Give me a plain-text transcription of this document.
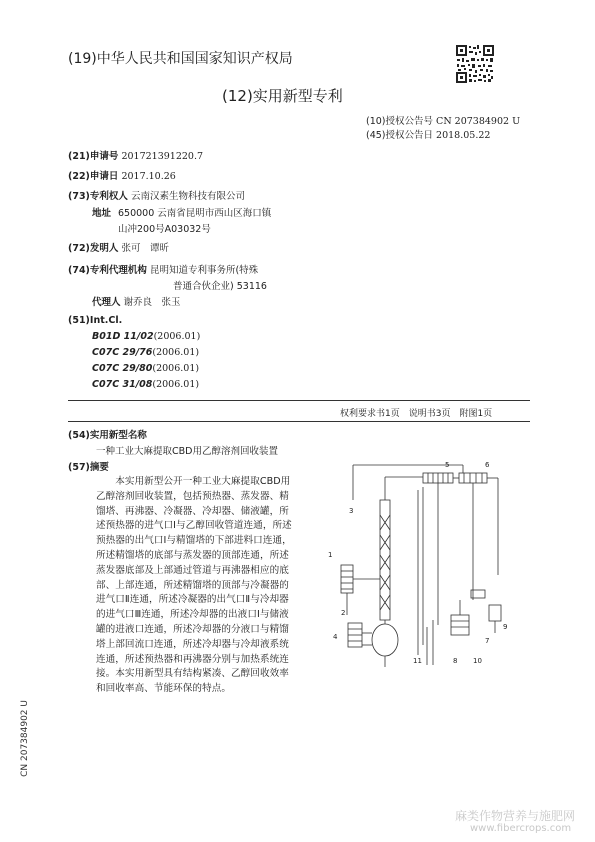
(19)中华人民共和国国家知识产权局
(12)实用新型专利
(10)授权公告号 CN 207384902 U
(45)授权公告日 2018.05.22
(21)申请号 201721391220.7
(22)申请日 2017.10.26
(73)专利权人 云南汉素生物科技有限公司
地址 650000 云南省昆明市西山区海口镇
山冲200号A03032号
(72)发明人 张可　谭昕
(74)专利代理机构 昆明知道专利事务所(特殊
普通合伙企业) 53116
代理人 谢乔良　张玉
(51)Int.Cl.
B01D 11/02(2006.01)
C07C 29/76(2006.01)
C07C 29/80(2006.01)
C07C 31/08(2006.01)
权利要求书1页　说明书3页　附图1页
(54)实用新型名称
一种工业大麻提取CBD用乙醇溶剂回收装置
(57)摘要
本实用新型公开一种工业大麻提取CBD用乙醇溶剂回收装置，包括预热器、蒸发器、精馏塔、再沸器、冷凝器、冷却器、储液罐，所述预热器的进气口Ⅰ与乙醇回收管道连通，所述预热器的出气口Ⅰ与精馏塔的下部进料口连通，所述精馏塔的底部与蒸发器的顶部连通，所述蒸发器底部及上部通过管道与再沸器相应的底部、上部连通，所述精馏塔的顶部与冷凝器的进气口Ⅱ连通，所述冷凝器的出气口Ⅱ与冷却器的进气口Ⅲ连通，所述冷却器的出液口Ⅰ与储液罐的进液口连通，所述冷却器的分液口与精馏塔上部回流口连通，所述冷却器与冷却液系统连通，所述预热器和再沸器分别与加热系统连接。本实用新型具有结构紧凑、乙醇回收效率和回收率高、节能环保的特点。
CN 207384902 U
1
2
3
4
5	6
7
8
9
10
11
麻类作物营养与施肥网
www.fibercrops.com
